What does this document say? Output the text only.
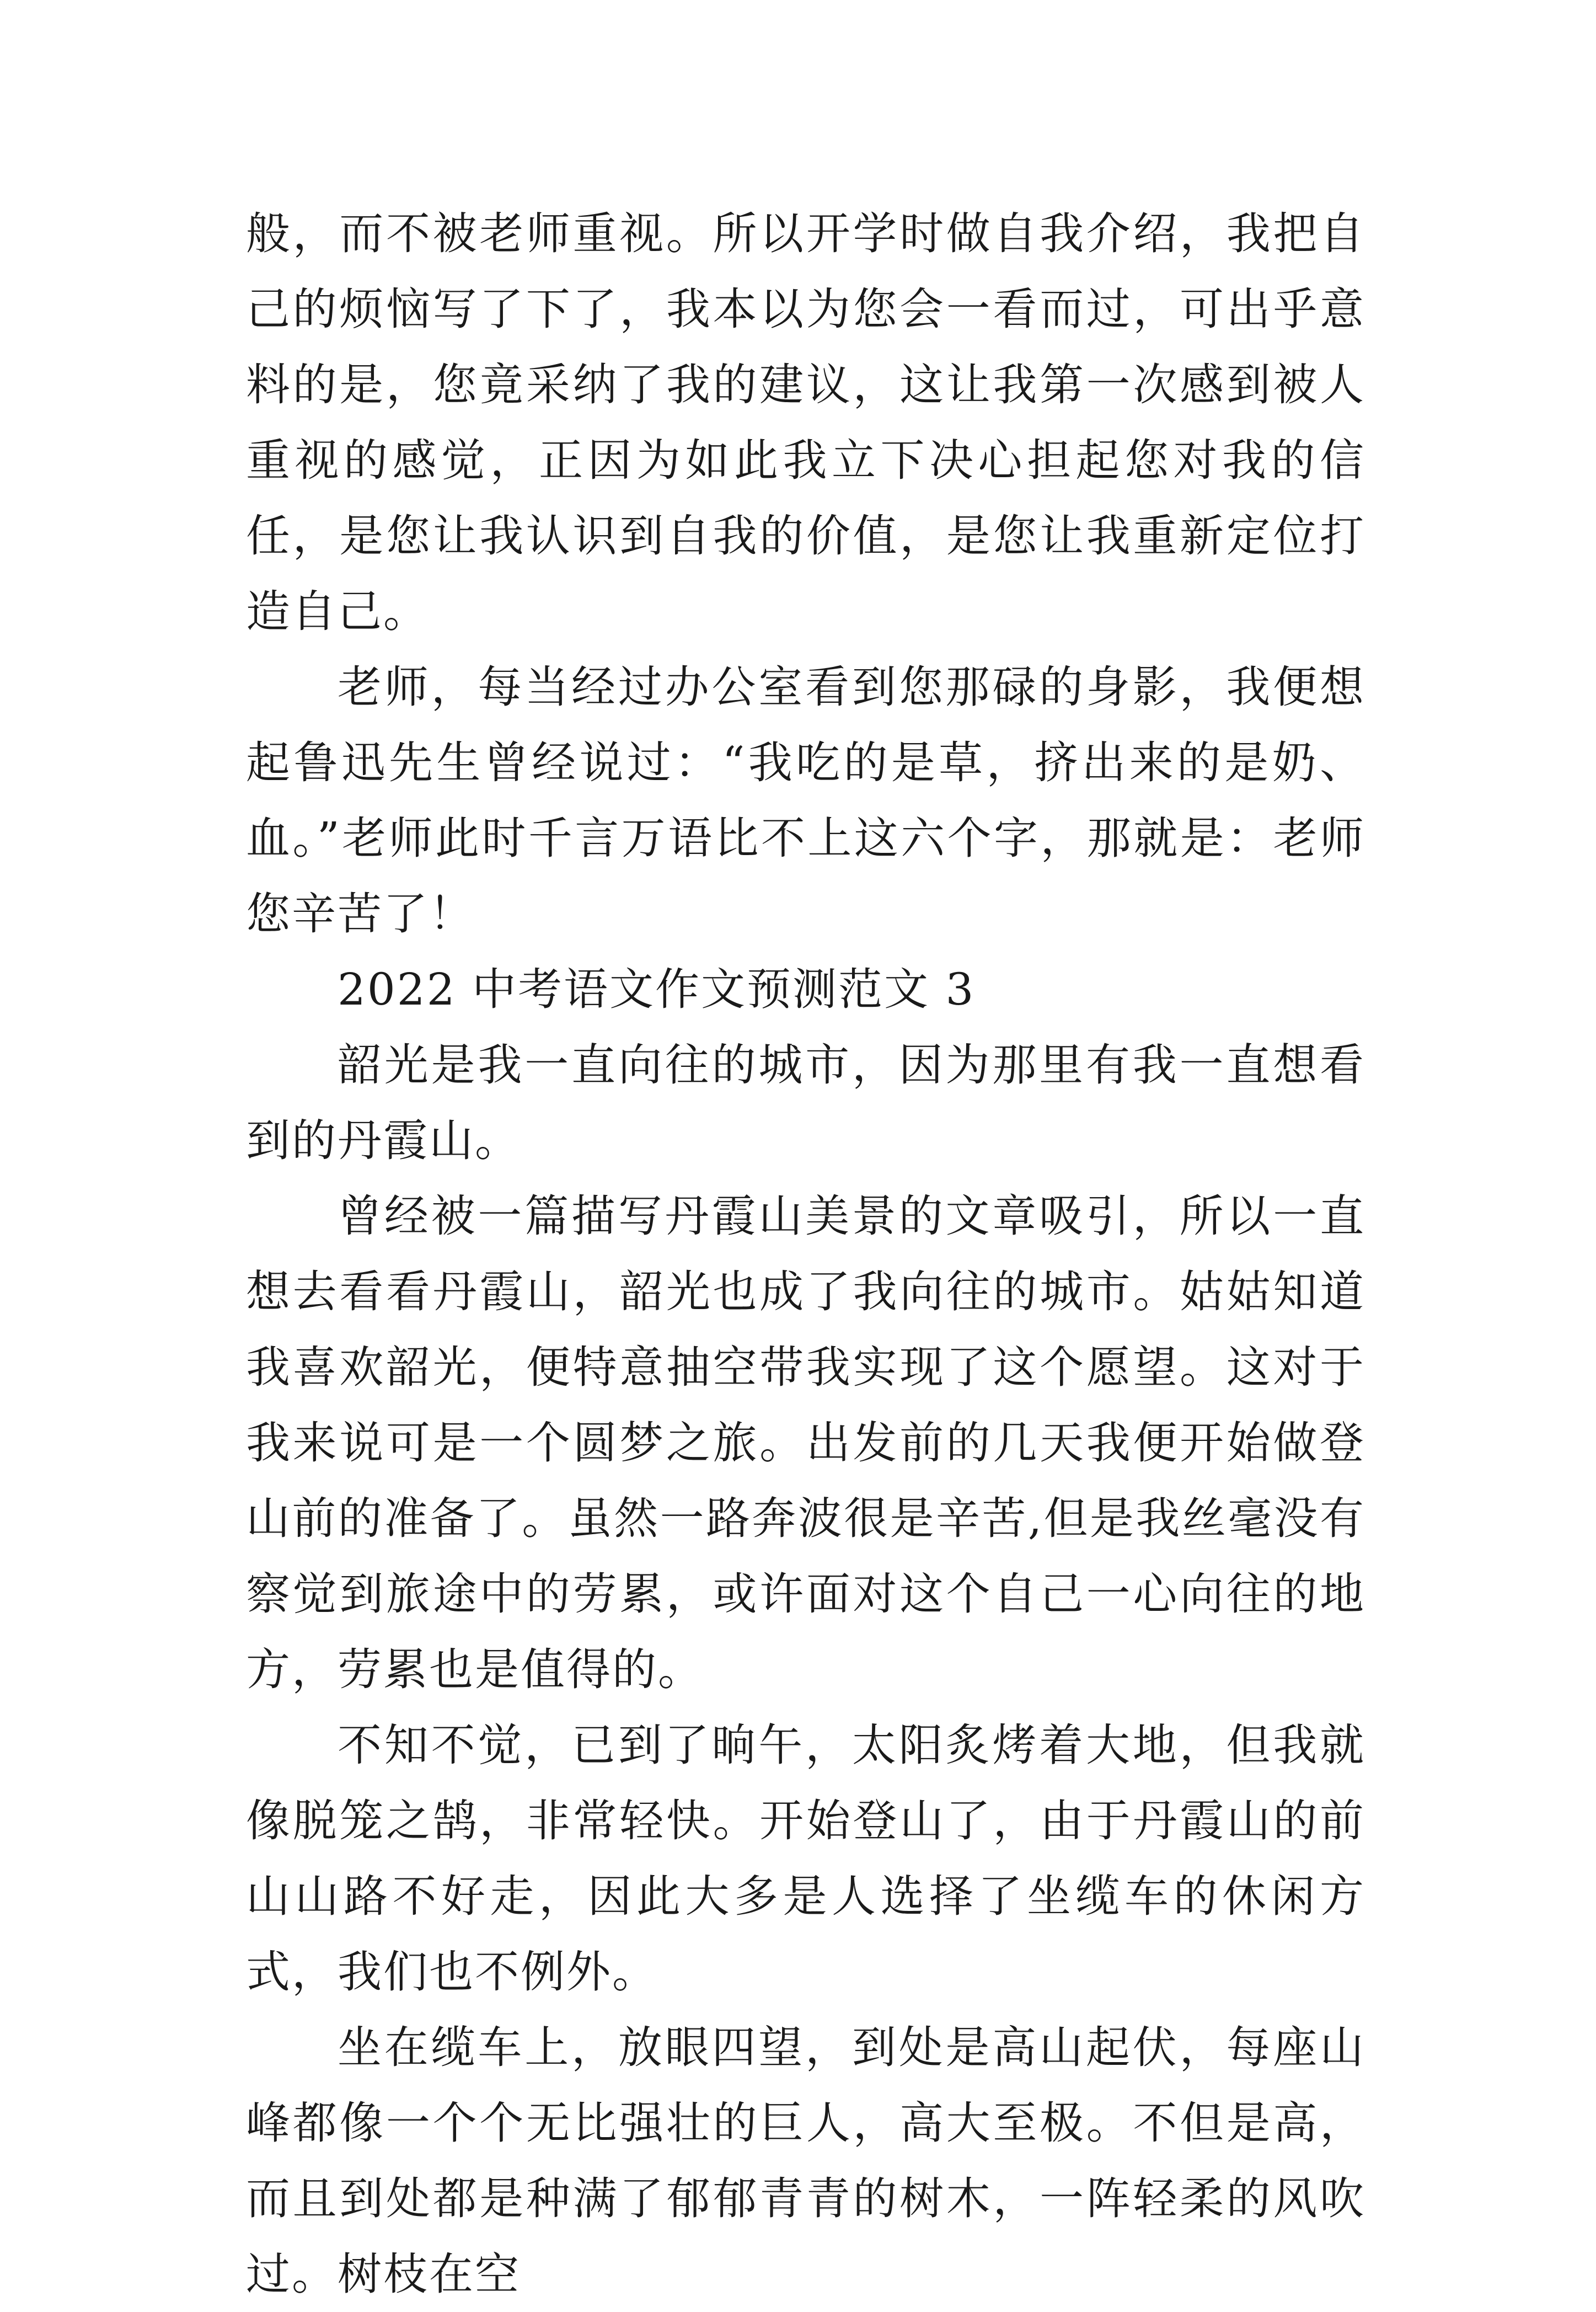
般，而不被老师重视。所以开学时做自我介绍，我把自己的烦恼写了下了，我本以为您会一看而过，可出乎意料的是，您竟采纳了我的建议，这让我第一次感到被人重视的感觉，正因为如此我立下决心担起您对我的信任，是您让我认识到自我的价值，是您让我重新定位打造自己。

老师，每当经过办公室看到您那碌的身影，我便想起鲁迅先生曾经说过：“我吃的是草，挤出来的是奶、血。”老师此时千言万语比不上这六个字，那就是：老师您辛苦了！

2022 中考语文作文预测范文 3

韶光是我一直向往的城市，因为那里有我一直想看到的丹霞山。

曾经被一篇描写丹霞山美景的文章吸引，所以一直想去看看丹霞山，韶光也成了我向往的城市。姑姑知道我喜欢韶光，便特意抽空带我实现了这个愿望。这对于我来说可是一个圆梦之旅。出发前的几天我便开始做登山前的准备了。虽然一路奔波很是辛苦,但是我丝毫没有察觉到旅途中的劳累，或许面对这个自己一心向往的地方，劳累也是值得的。

不知不觉，已到了晌午，太阳炙烤着大地，但我就像脱笼之鹄，非常轻快。开始登山了，由于丹霞山的前山山路不好走，因此大多是人选择了坐缆车的休闲方式，我们也不例外。

坐在缆车上，放眼四望，到处是高山起伏，每座山峰都像一个个无比强壮的巨人，高大至极。不但是高，而且到处都是种满了郁郁青青的树木，一阵轻柔的风吹过。树枝在空
